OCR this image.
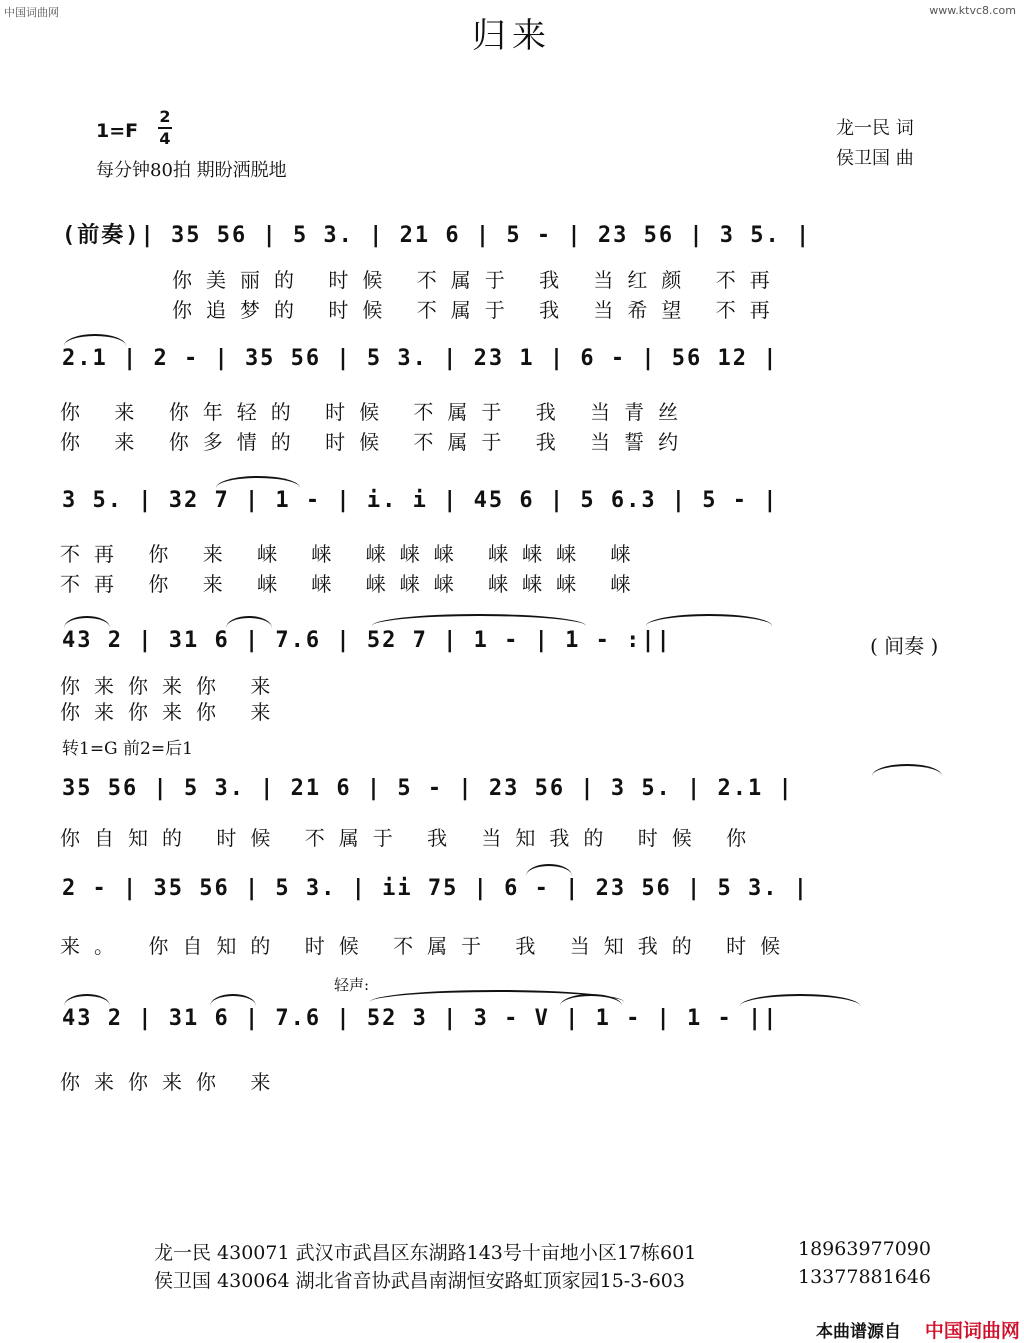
中国词曲网	www.ktvc8.com
归来
1=F
2
4
每分钟80拍 期盼洒脱地
龙一民 词
侯卫国 曲
(前奏)| 35 56 | 5 3. | 21 6 | 5 - | 23 56 | 3 5. |
你美丽的 时候 不属于 我 当红颜 不再
你追梦的 时候 不属于 我 当希望 不再
2.1 | 2 - | 35 56 | 5 3. | 23 1 | 6 - | 56 12 |
你 来 你年轻的 时候 不属于 我 当青丝
你 来 你多情的 时候 不属于 我 当誓约
3 5. | 32 7 | 1 - | i. i | 45 6 | 5 6.3 | 5 - |
不再 你 来 崃 崃 崃崃崃 崃崃崃 崃
不再 你 来 崃 崃 崃崃崃 崃崃崃 崃
43 2 | 31 6 | 7.6 | 52 7 | 1 - | 1 - :||	( 间奏 )
你来你来你 来
你来你来你 来
转1=G 前2=后1
35 56 | 5 3. | 21 6 | 5 - | 23 56 | 3 5. | 2.1 |
你自知的 时候 不属于 我 当知我的 时候 你
2 - | 35 56 | 5 3. | ii 75 | 6 - | 23 56 | 5 3. |
来。 你自知的 时候 不属于 我 当知我的 时候
轻声:
43 2 | 31 6 | 7.6 | 52 3 | 3 - V | 1 - | 1 - ||
你来你来你 来
龙一民 430071 武汉市武昌区东湖路143号十亩地小区17栋601	18963977090
侯卫国 430064 湖北省音协武昌南湖恒安路虹顶家园15-3-603	13377881646
本曲谱源自 中国词曲网
